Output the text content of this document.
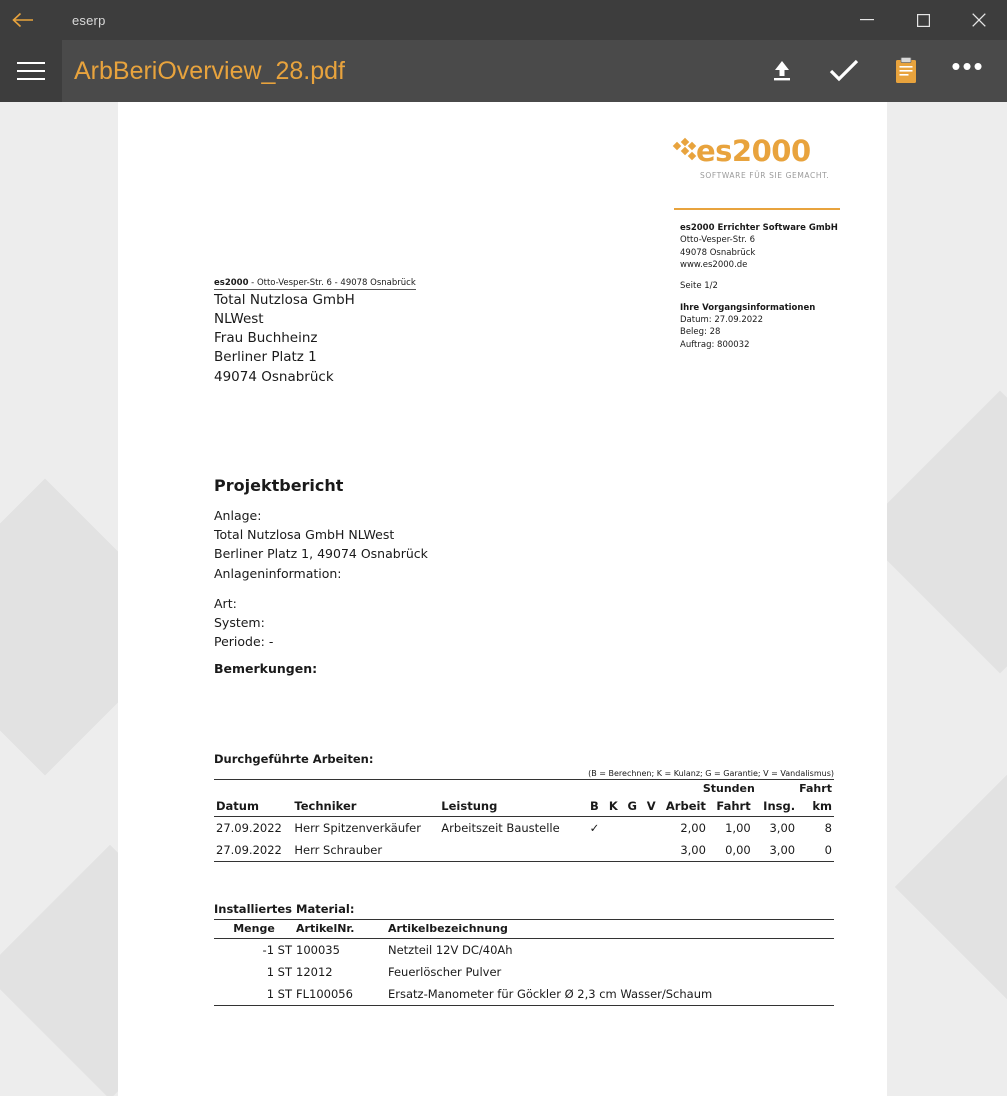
eserp
ArbBeriOverview_28.pdf	•••
es2000
SOFTWARE FÜR SIE GEMACHT.
es2000 Errichter Software GmbH
Otto-Vesper-Str. 6
49078 Osnabrück
www.es2000.de
Seite 1/2
Ihre Vorgangsinformationen
Datum: 27.09.2022
Beleg: 28
Auftrag: 800032
es2000 - Otto-Vesper-Str. 6 - 49078 Osnabrück
Total Nutzlosa GmbH
NLWest
Frau Buchheinz
Berliner Platz 1
49074 Osnabrück
Projektbericht
Anlage:
Total Nutzlosa GmbH NLWest
Berliner Platz 1, 49074 Osnabrück
Anlageninformation:
Art:
System:
Periode: -
Bemerkungen:
Durchgeführte Arbeiten:
(B = Berechnen; K = Kulanz; G = Garantie; V = Vandalismus)
							Stunden			Fahrt
Datum	Techniker	Leistung	B	K	G	V	Arbeit	Fahrt	Insg.	km
27.09.2022	Herr Spitzenverkäufer	Arbeitszeit Baustelle	✓				2,00	1,00	3,00	8
27.09.2022	Herr Schrauber						3,00	0,00	3,00	0
Installiertes Material:
Menge	ArtikelNr.	Artikelbezeichnung
-1 ST	100035	Netzteil 12V DC/40Ah
1 ST	12012	Feuerlöscher Pulver
1 ST	FL100056	Ersatz-Manometer für Göckler Ø 2,3 cm Wasser/Schaum
